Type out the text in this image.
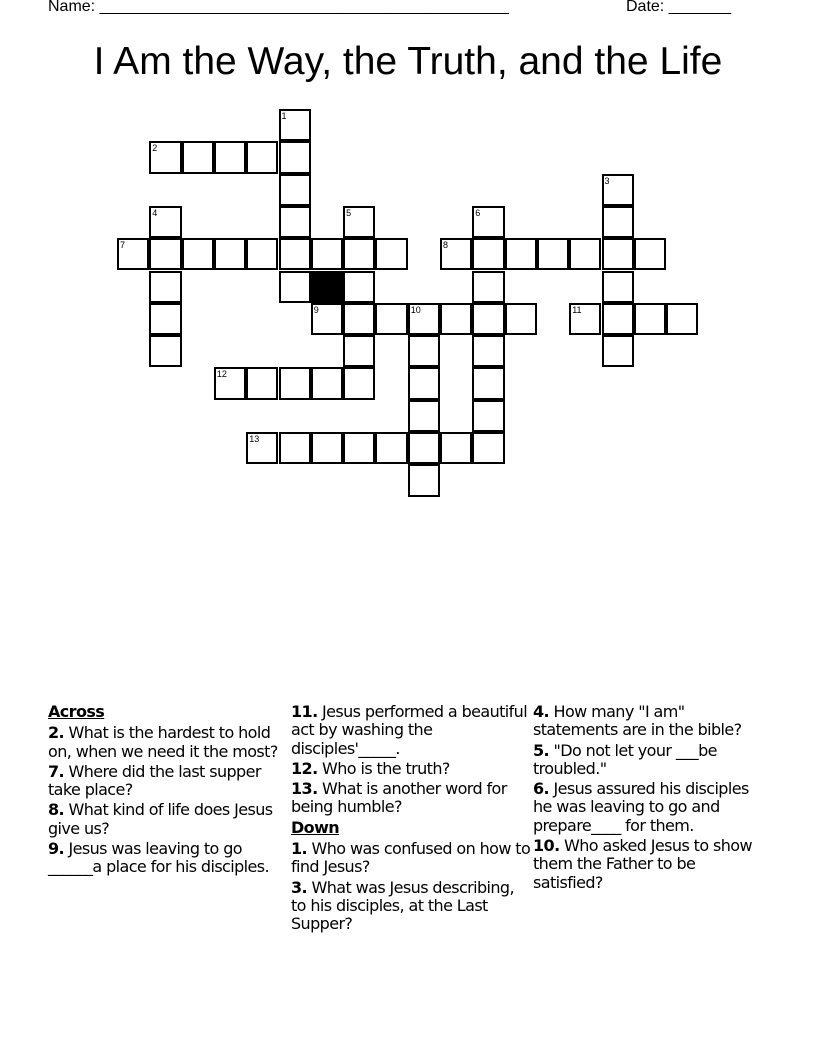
Name: ______________________________________________	Date: _______
I Am the Way, the Truth, and the Life
1
2
3
4	5	6
7	8
9	10	11
12
13
Across
2. What is the hardest to hold on, when we need it the most?
7. Where did the last supper take place?
8. What kind of life does Jesus give us?
9. Jesus was leaving to go ______a place for his disciples.
11. Jesus performed a beautiful act by washing the disciples'_____.
12. Who is the truth?
13. What is another word for being humble?
Down
1. Who was confused on how to find Jesus?
3. What was Jesus describing, to his disciples, at the Last Supper?
4. How many "I am" statements are in the bible?
5. "Do not let your ___be troubled."
6. Jesus assured his disciples he was leaving to go and prepare____ for them.
10. Who asked Jesus to show them the Father to be satisfied?
